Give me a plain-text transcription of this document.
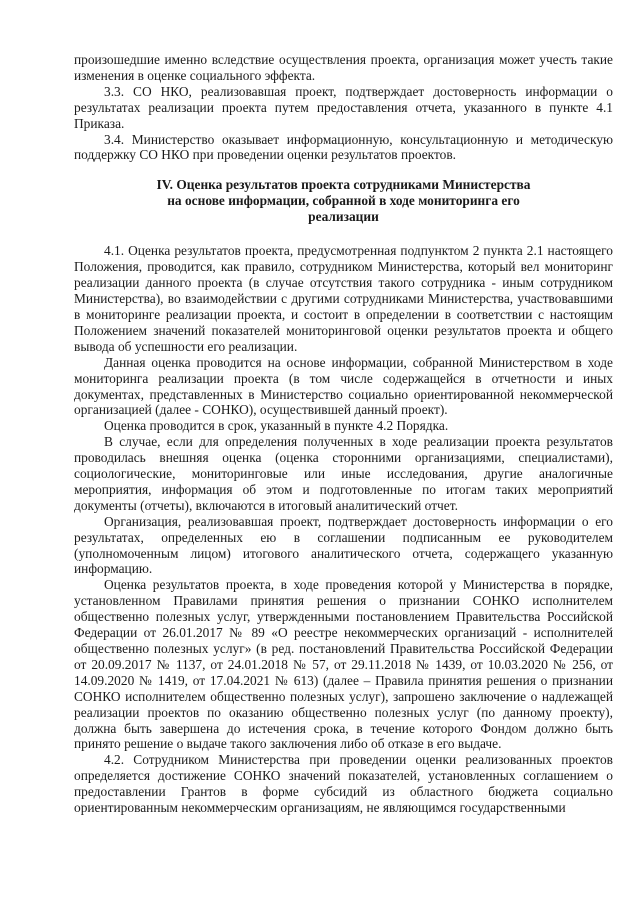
произошедшие именно вследствие осуществления проекта, организация может учесть такие изменения в оценке социального эффекта.

3.3. СО НКО, реализовавшая проект, подтверждает достоверность информации о результатах реализации проекта путем предоставления отчета, указанного в пункте 4.1 Приказа.

3.4. Министерство оказывает информационную, консультационную и методическую поддержку СО НКО при проведении оценки результатов проектов.

IV. Оценка результатов проекта сотрудниками Министерства
на основе информации, собранной в ходе мониторинга его
реализации

4.1. Оценка результатов проекта, предусмотренная подпунктом 2 пункта 2.1 настоящего Положения, проводится, как правило, сотрудником Министерства, который вел мониторинг реализации данного проекта (в случае отсутствия такого сотрудника - иным сотрудником Министерства), во взаимодействии с другими сотрудниками Министерства, участвовавшими в мониторинге реализации проекта, и состоит в определении в соответствии с настоящим Положением значений показателей мониторинговой оценки результатов проекта и общего вывода об успешности его реализации.

Данная оценка проводится на основе информации, собранной Министерством в ходе мониторинга реализации проекта (в том числе содержащейся в отчетности и иных документах, представленных в Министерство социально ориентированной некоммерческой организацией (далее - СОНКО), осуществившей данный проект).

Оценка проводится в срок, указанный в пункте 4.2 Порядка.

В случае, если для определения полученных в ходе реализации проекта результатов проводилась внешняя оценка (оценка сторонними организациями, специалистами), социологические, мониторинговые или иные исследования, другие аналогичные мероприятия, информация об этом и подготовленные по итогам таких мероприятий документы (отчеты), включаются в итоговый аналитический отчет.

Организация, реализовавшая проект, подтверждает достоверность информации о его результатах, определенных ею в соглашении подписанным ее руководителем (уполномоченным лицом) итогового аналитического отчета, содержащего указанную информацию.

Оценка результатов проекта, в ходе проведения которой у Министерства в порядке, установленном Правилами принятия решения о признании СОНКО исполнителем общественно полезных услуг, утвержденными постановлением Правительства Российской Федерации от 26.01.2017 № 89 «О реестре некоммерческих организаций - исполнителей общественно полезных услуг» (в ред. постановлений Правительства Российской Федерации от 20.09.2017 № 1137, от 24.01.2018 № 57, от 29.11.2018 № 1439, от 10.03.2020 № 256, от 14.09.2020 № 1419, от 17.04.2021 № 613) (далее – Правила принятия решения о признании СОНКО исполнителем общественно полезных услуг), запрошено заключение о надлежащей реализации проектов по оказанию общественно полезных услуг (по данному проекту), должна быть завершена до истечения срока, в течение которого Фондом должно быть принято решение о выдаче такого заключения либо об отказе в его выдаче.

4.2. Сотрудником Министерства при проведении оценки реализованных проектов определяется достижение СОНКО значений показателей, установленных соглашением о предоставлении Грантов в форме субсидий из областного бюджета социально ориентированным некоммерческим организациям, не являющимся государственными
